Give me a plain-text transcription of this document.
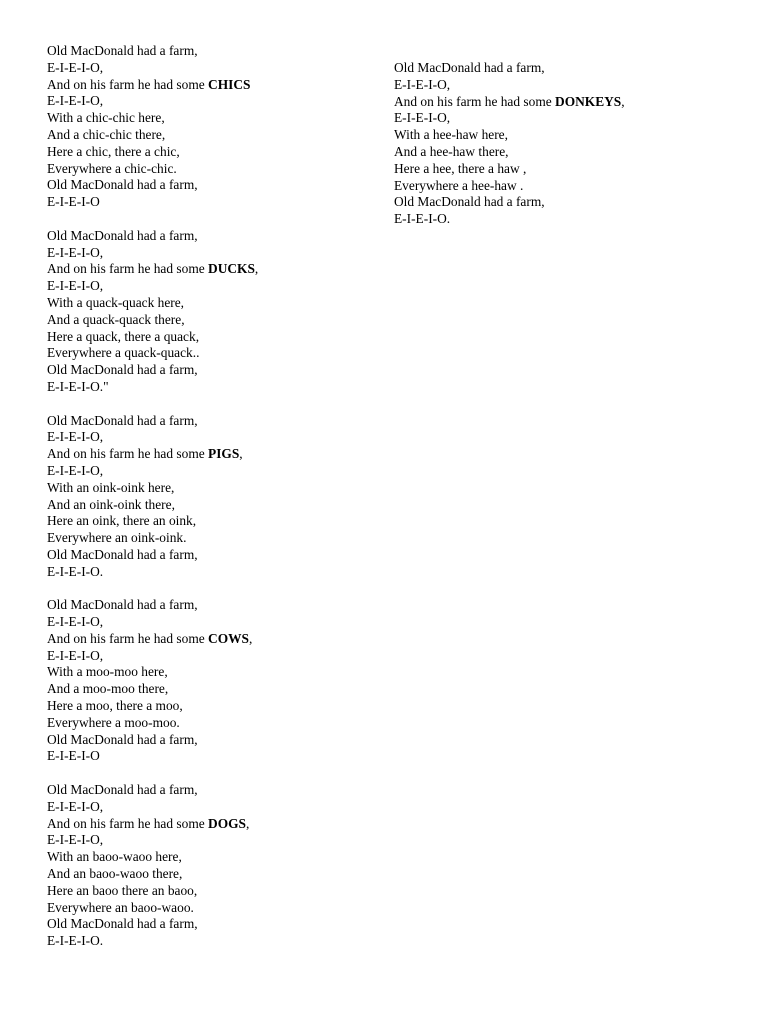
Old MacDonald had a farm,
E-I-E-I-O,
And on his farm he had some CHICS
E-I-E-I-O,
With a chic-chic here,
And a chic-chic there,
Here a chic, there a chic,
Everywhere a chic-chic.
Old MacDonald had a farm,
E-I-E-I-O
Old MacDonald had a farm,
E-I-E-I-O,
And on his farm he had some DUCKS,
E-I-E-I-O,
With a quack-quack here,
And a quack-quack there,
Here a quack, there a quack,
Everywhere a quack-quack..
Old MacDonald had a farm,
E-I-E-I-O."
Old MacDonald had a farm,
E-I-E-I-O,
And on his farm he had some PIGS,
E-I-E-I-O,
With an oink-oink here,
And an oink-oink there,
Here an oink, there an oink,
Everywhere an oink-oink.
Old MacDonald had a farm,
E-I-E-I-O.
Old MacDonald had a farm,
E-I-E-I-O,
And on his farm he had some COWS,
E-I-E-I-O,
With a moo-moo here,
And a moo-moo there,
Here a moo, there a moo,
Everywhere a moo-moo.
Old MacDonald had a farm,
E-I-E-I-O
Old MacDonald had a farm,
E-I-E-I-O,
And on his farm he had some DOGS,
E-I-E-I-O,
With an baoo-waoo here,
And an baoo-waoo there,
Here an baoo there an baoo,
Everywhere an baoo-waoo.
Old MacDonald had a farm,
E-I-E-I-O.
Old MacDonald had a farm,
E-I-E-I-O,
And on his farm he had some DONKEYS,
E-I-E-I-O,
With a hee-haw here,
And a hee-haw there,
Here a hee, there a haw ,
Everywhere a hee-haw .
Old MacDonald had a farm,
E-I-E-I-O.
